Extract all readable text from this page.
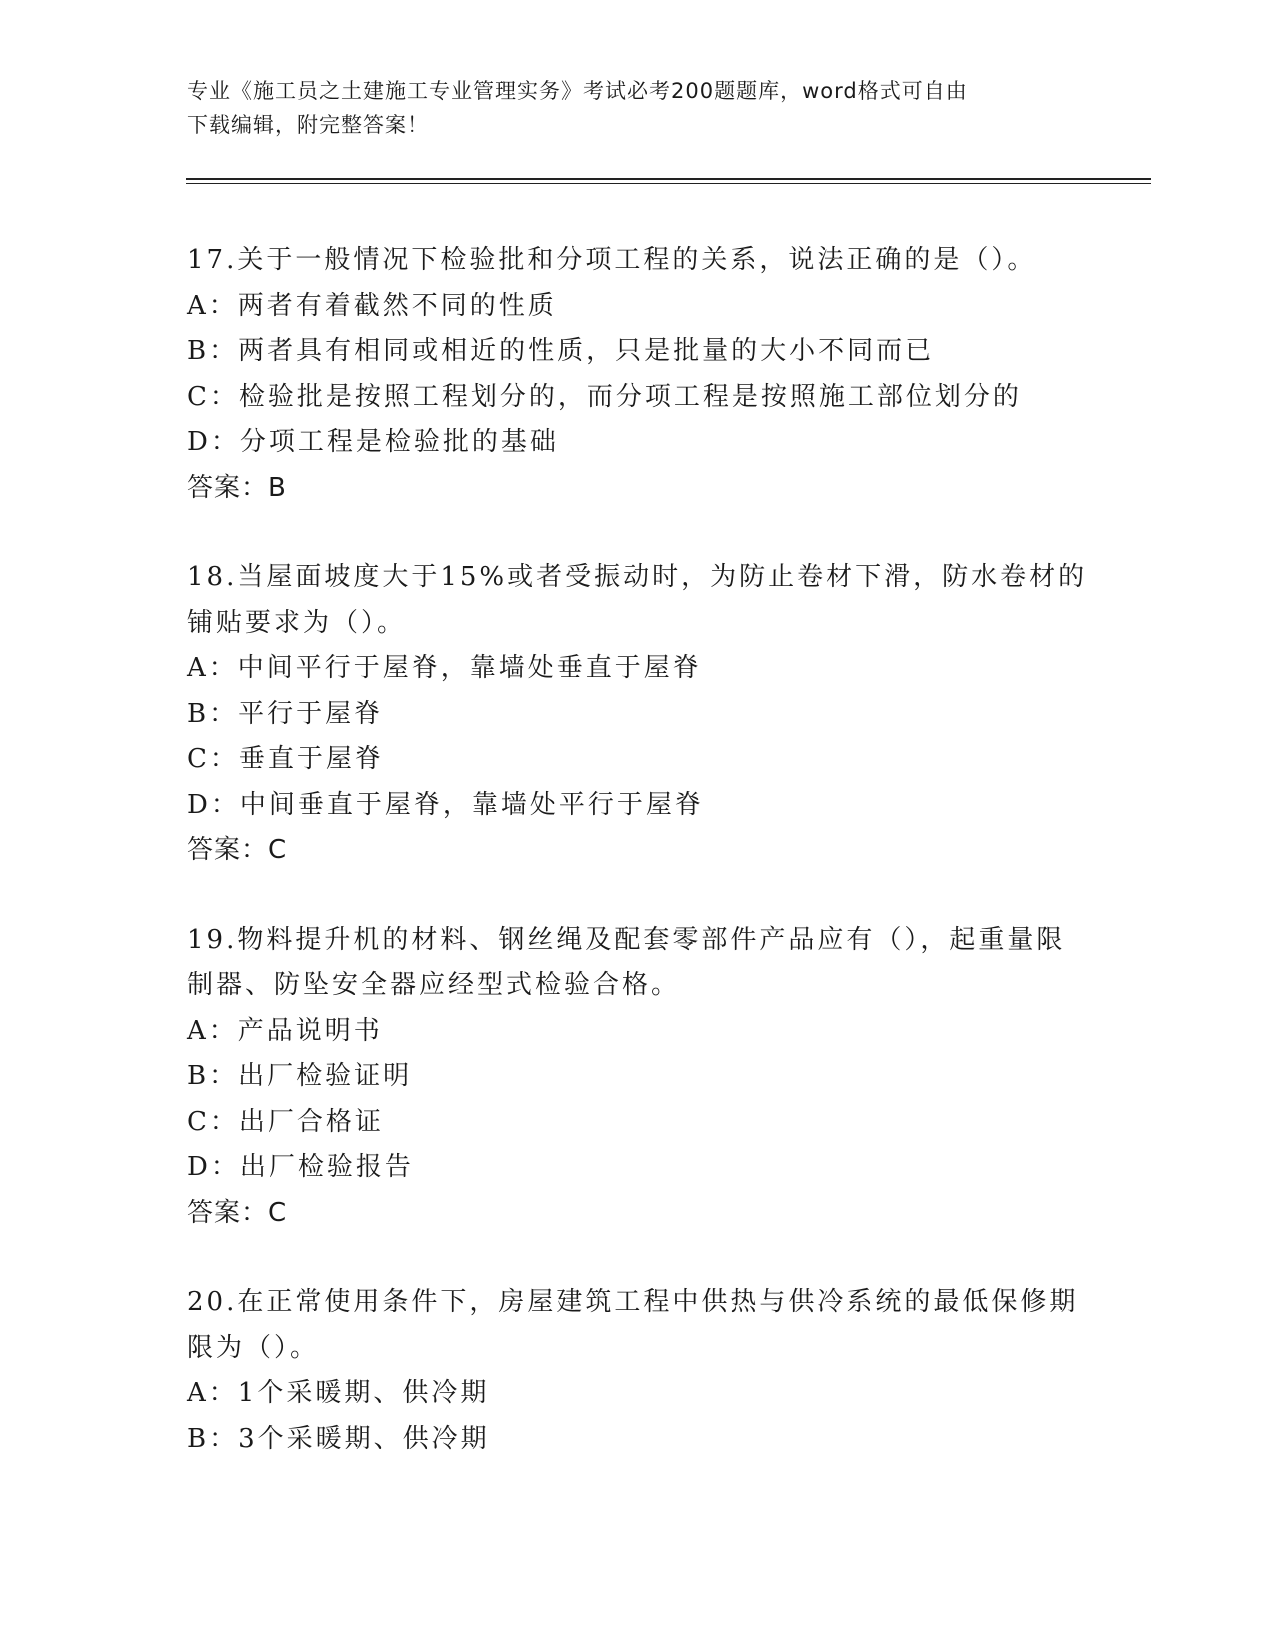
专业《施工员之土建施工专业管理实务》考试必考200题题库，word格式可自由
下载编辑，附完整答案！
17.关于一般情况下检验批和分项工程的关系，说法正确的是（）。
A：两者有着截然不同的性质
B：两者具有相同或相近的性质，只是批量的大小不同而已
C：检验批是按照工程划分的，而分项工程是按照施工部位划分的
D：分项工程是检验批的基础
答案：B
18.当屋面坡度大于15%或者受振动时，为防止卷材下滑，防水卷材的
铺贴要求为（）。
A：中间平行于屋脊，靠墙处垂直于屋脊
B：平行于屋脊
C：垂直于屋脊
D：中间垂直于屋脊，靠墙处平行于屋脊
答案：C
19.物料提升机的材料、钢丝绳及配套零部件产品应有（），起重量限
制器、防坠安全器应经型式检验合格。
A：产品说明书
B：出厂检验证明
C：出厂合格证
D：出厂检验报告
答案：C
20.在正常使用条件下，房屋建筑工程中供热与供冷系统的最低保修期
限为（）。
A：1个采暖期、供冷期
B：3个采暖期、供冷期
